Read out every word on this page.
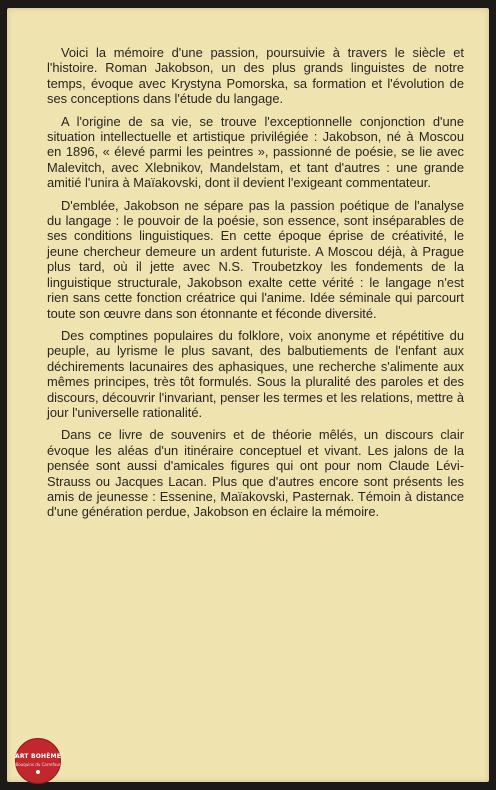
Voici la mémoire d'une passion, poursuivie à travers le siècle et l'histoire. Roman Jakobson, un des plus grands linguistes de notre temps, évoque avec Krystyna Pomorska, sa formation et l'évolution de ses conceptions dans l'étude du langage.

A l'origine de sa vie, se trouve l'exceptionnelle conjonction d'une situation intellectuelle et artistique privilégiée : Jakobson, né à Moscou en 1896, « élevé parmi les peintres », passionné de poésie, se lie avec Malevitch, avec Xlebnikov, Mandelstam, et tant d'autres : une grande amitié l'unira à Maïakovski, dont il devient l'exigeant commentateur.

D'emblée, Jakobson ne sépare pas la passion poétique de l'analyse du langage : le pouvoir de la poésie, son essence, sont inséparables de ses conditions linguistiques. En cette époque éprise de créativité, le jeune chercheur demeure un ardent futuriste. A Moscou déjà, à Prague plus tard, où il jette avec N.S. Troubetzkoy les fondements de la linguistique structurale, Jakobson exalte cette vérité : le langage n'est rien sans cette fonction créatrice qui l'anime. Idée séminale qui parcourt toute son œuvre dans son étonnante et féconde diversité.

Des comptines populaires du folklore, voix anonyme et répétitive du peuple, au lyrisme le plus savant, des balbutiements de l'enfant aux déchirements lacunaires des aphasiques, une recherche s'alimente aux mêmes principes, très tôt formulés. Sous la pluralité des paroles et des discours, découvrir l'invariant, penser les termes et les relations, mettre à jour l'universelle rationalité.

Dans ce livre de souvenirs et de théorie mêlés, un discours clair évoque les aléas d'un itinéraire conceptuel et vivant. Les jalons de la pensée sont aussi d'amicales figures qui ont pour nom Claude Lévi-Strauss ou Jacques Lacan. Plus que d'autres encore sont présents les amis de jeunesse : Essenine, Maïakovski, Pasternak. Témoin à distance d'une génération perdue, Jakobson en éclaire la mémoire.

ART BOHÈME
Bouquins du Carrefour
